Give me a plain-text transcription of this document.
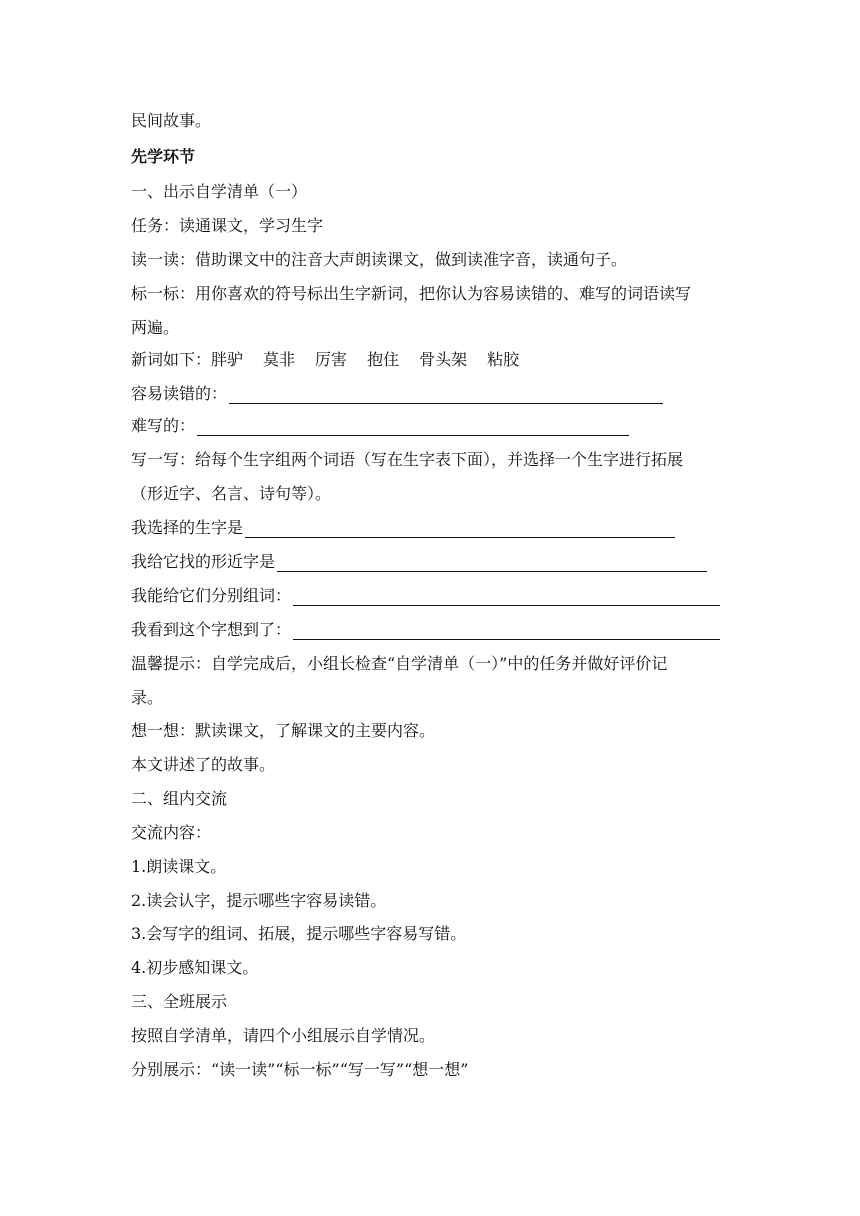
民间故事。
先学环节
一、出示自学清单（一）
任务：读通课文，学习生字
读一读：借助课文中的注音大声朗读课文，做到读准字音，读通句子。
标一标：用你喜欢的符号标出生字新词，把你认为容易读错的、难写的词语读写
两遍。
新词如下：胖驴 莫非 厉害 抱住 骨头架 粘胶
容易读错的：
难写的：
写一写：给每个生字组两个词语（写在生字表下面），并选择一个生字进行拓展
（形近字、名言、诗句等）。
我选择的生字是
我给它找的形近字是
我能给它们分别组词：
我看到这个字想到了：
温馨提示：自学完成后，小组长检查“自学清单（一）”中的任务并做好评价记
录。
想一想：默读课文，了解课文的主要内容。
本文讲述了的故事。
二、组内交流
交流内容：
1.朗读课文。
2.读会认字，提示哪些字容易读错。
3.会写字的组词、拓展，提示哪些字容易写错。
4.初步感知课文。
三、全班展示
按照自学清单，请四个小组展示自学情况。
分别展示：“读一读”“标一标”“写一写”“想一想”
